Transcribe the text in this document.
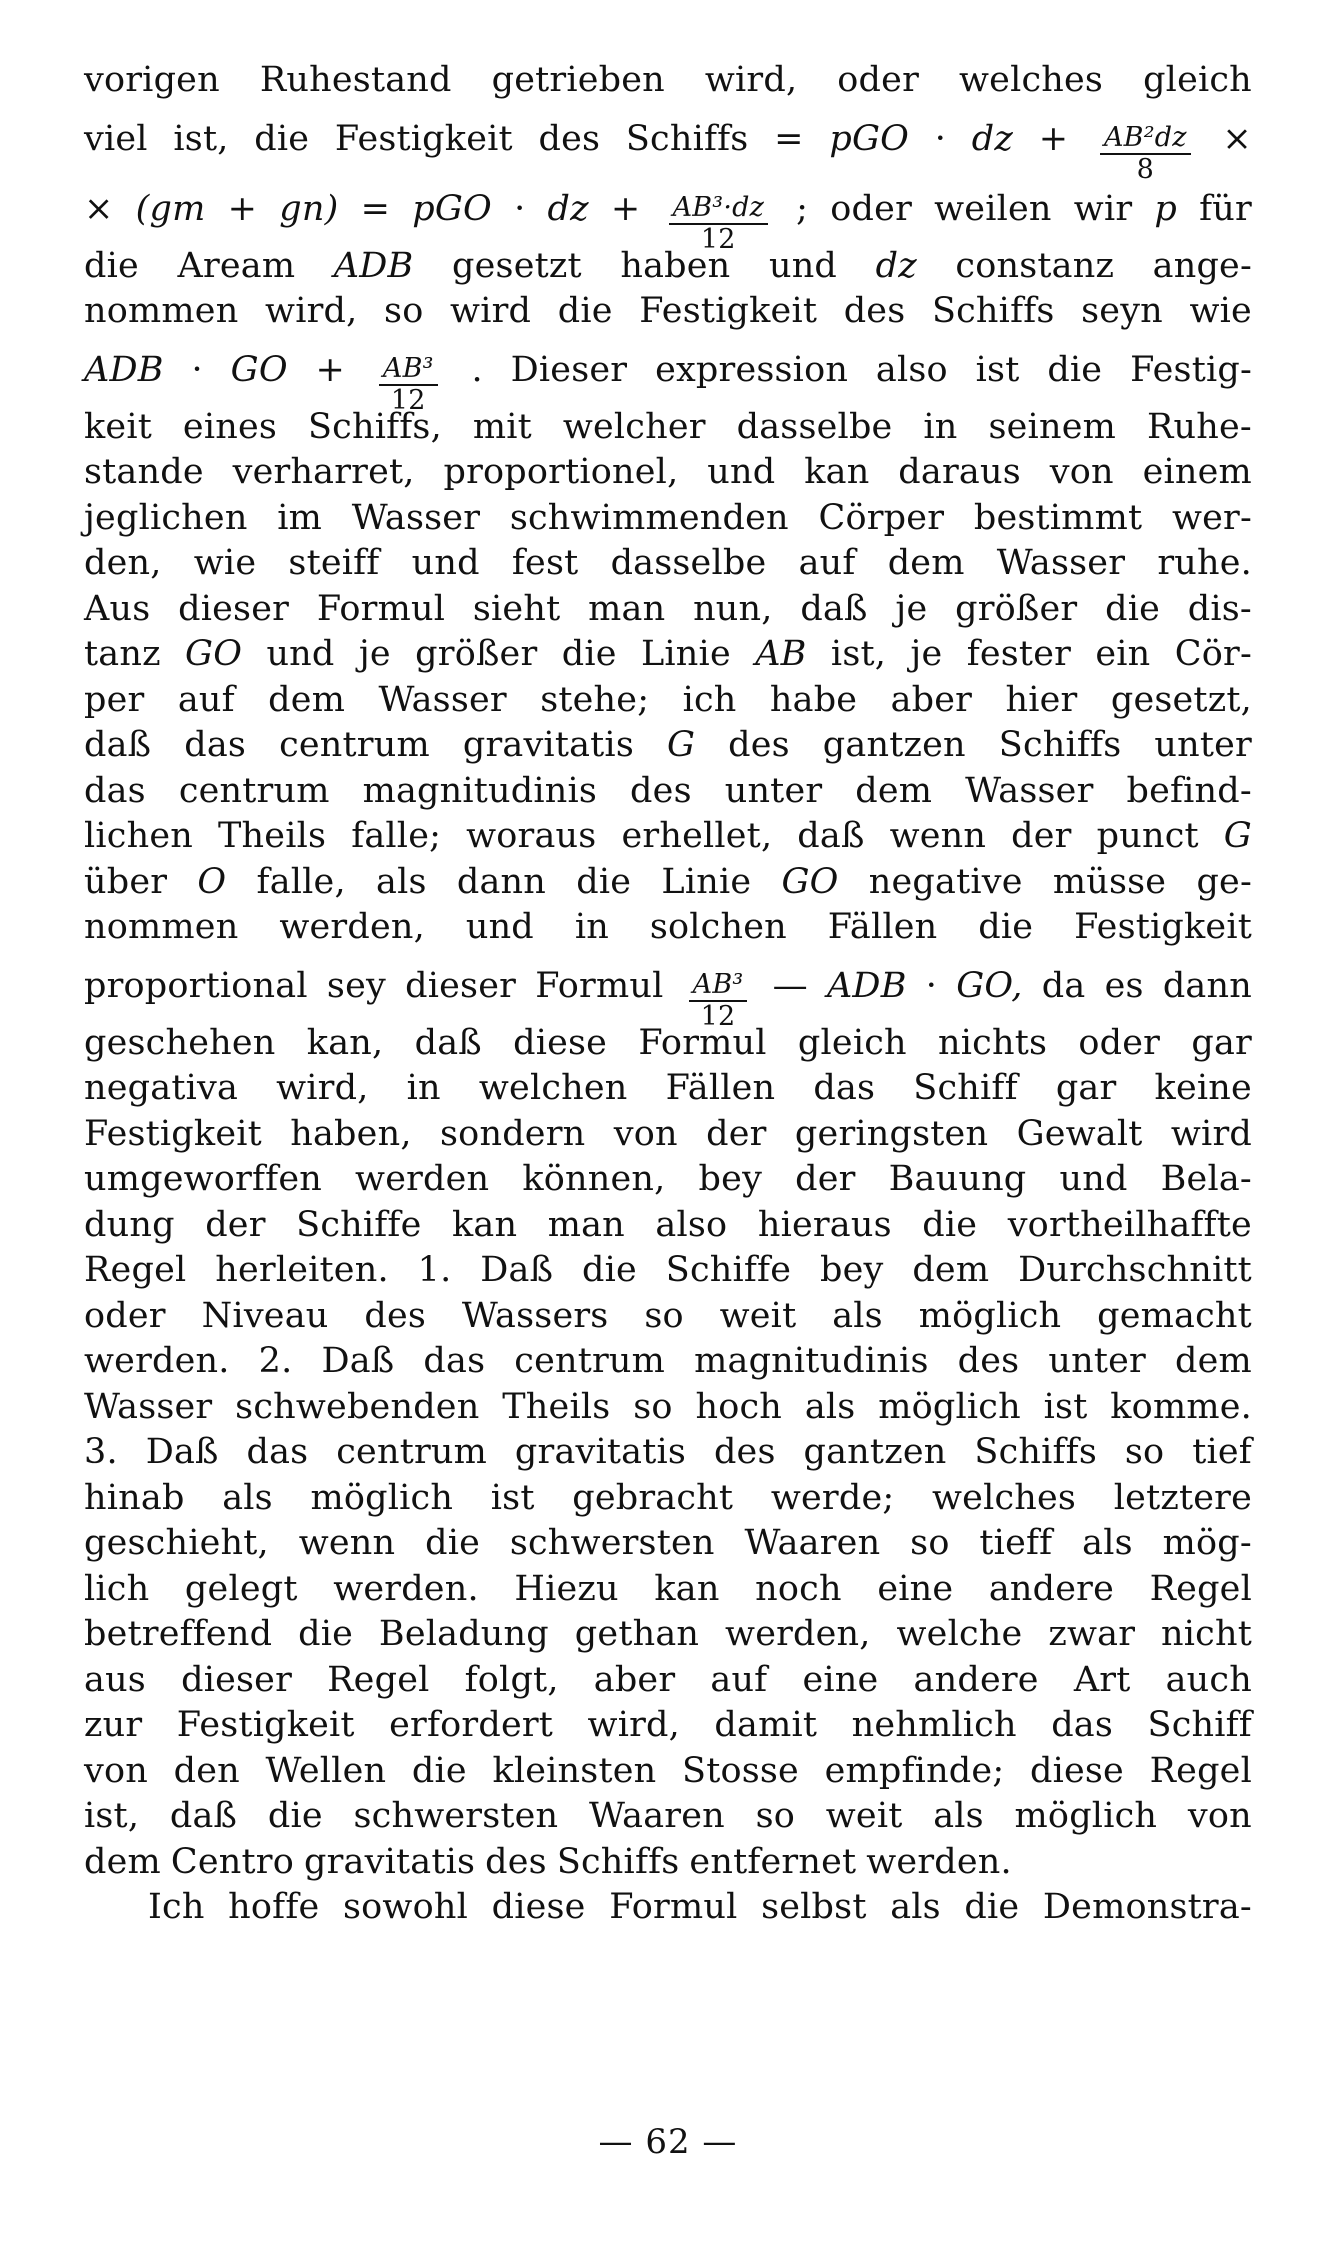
vorigen Ruhestand getrieben wird, oder welches gleich
viel ist, die Festigkeit des Schiffs = pGO · dz + $\frac{\text{AB²dz}}{8}$ ×
× (gm + gn) = pGO · dz + $\frac{\text{AB³·dz}}{12}$ ; oder weilen wir p für
die Aream ADB gesetzt haben und dz constanz ange-
nommen wird, so wird die Festigkeit des Schiffs seyn wie
ADB · GO + $\frac{\text{AB³}}{12}$ . Dieser expression also ist die Festig-
keit eines Schiffs, mit welcher dasselbe in seinem Ruhe-
stande verharret, proportionel, und kan daraus von einem
jeglichen im Wasser schwimmenden Cörper bestimmt wer-
den, wie steiff und fest dasselbe auf dem Wasser ruhe.
Aus dieser Formul sieht man nun, daß je größer die dis-
tanz GO und je größer die Linie AB ist, je fester ein Cör-
per auf dem Wasser stehe; ich habe aber hier gesetzt,
daß das centrum gravitatis G des gantzen Schiffs unter
das centrum magnitudinis des unter dem Wasser befind-
lichen Theils falle; woraus erhellet, daß wenn der punct G
über O falle, als dann die Linie GO negative müsse ge-
nommen werden, und in solchen Fällen die Festigkeit
proportional sey dieser Formul $\frac{\text{AB³}}{12}$ — ADB · GO, da es dann
geschehen kan, daß diese Formul gleich nichts oder gar
negativa wird, in welchen Fällen das Schiff gar keine
Festigkeit haben, sondern von der geringsten Gewalt wird
umgeworffen werden können, bey der Bauung und Bela-
dung der Schiffe kan man also hieraus die vortheilhaffte
Regel herleiten. 1. Daß die Schiffe bey dem Durchschnitt
oder Niveau des Wassers so weit als möglich gemacht
werden. 2. Daß das centrum magnitudinis des unter dem
Wasser schwebenden Theils so hoch als möglich ist komme.
3. Daß das centrum gravitatis des gantzen Schiffs so tief
hinab als möglich ist gebracht werde; welches letztere
geschieht, wenn die schwersten Waaren so tieff als mög-
lich gelegt werden. Hiezu kan noch eine andere Regel
betreffend die Beladung gethan werden, welche zwar nicht
aus dieser Regel folgt, aber auf eine andere Art auch
zur Festigkeit erfordert wird, damit nehmlich das Schiff
von den Wellen die kleinsten Stosse empfinde; diese Regel
ist, daß die schwersten Waaren so weit als möglich von
dem Centro gravitatis des Schiffs entfernet werden.
Ich hoffe sowohl diese Formul selbst als die Demonstra-
— 62 —
